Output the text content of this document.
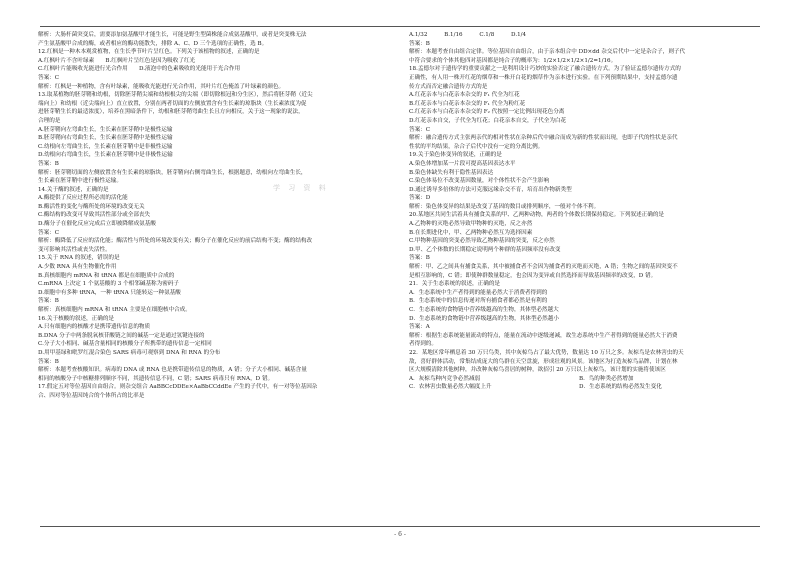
解析：大肠杆菌突变后，需要添加氨基酸甲才能生长，可能是野生型菌株能合成氨基酸甲，或者是突变株无法
产生氨基酸甲合成的酶，或者相应的酶功能散失，排除 A、C、D 三个选项的正确性，选 B。
12.红枫是一种木本观赏植物，在生长季节叶片呈红色。下列关于该植物的叙述，正确的是
A.红枫叶片不含叶绿素　　B.红枫叶片呈红色是因为吸收了红光
C.红枫叶片能吸收光能进行光合作用　　D.液泡中的色素吸收的光能用于光合作用
答案：C
解析：红枫是一种植物，含有叶绿素，能吸收光能进行光合作用，其叶片红色掩盖了叶绿素的颜色。
13.取某植物的胚芽鞘和幼根，切除胚芽鞘尖端和幼根根尖的尖端（即切除根冠和分生区），然后将胚芽鞘（近尖
端向上）和幼根（近尖端向上）直立放置，分别在两者切面的左侧放置含有生长素的琼脂块（生长素浓度为促
进胚芽鞘生长的最适浓度），培养在黑暗条件下，幼根和胚芽鞘弯曲生长且方向相反，关于这一现象的说法，
合理的是
A.胚芽鞘向左弯曲生长，生长素在胚芽鞘中是极性运输
B.胚芽鞘向右弯曲生长，生长素在胚芽鞘中是极性运输
C.幼根向左弯曲生长，生长素在胚芽鞘中是非极性运输
D.幼根向右弯曲生长，生长素在胚芽鞘中是非极性运输
答案：B
解析：胚芽鞘切面的左侧放置含有生长素的琼脂块，胚芽鞘向右侧弯曲生长，根据题意，幼根向左弯曲生长，
生长素在胚芽鞘中进行极性运输。
14.关于酶的叙述，正确的是
A.酶提供了反应过程所必需的活化能
B.酶活性的变化与酶所处的环境的改变无关
C.酶结构的改变可导致其活性部分或全部丧失
D.酶分子在催化反应完成后立即被降解成氨基酸
答案：C
解析：酶降低了反应的活化能；酶活性与所处的环境改变有关；酶分子在催化反应的前后结构不变；酶的结构改
变可影响其活性或丧失活性。
15.关于 RNA 的叙述，错误的是
A.少数 RNA 具有生物催化作用
B.真核细胞内 mRNA 和 tRNA 都是在细胞质中合成的
C.mRNA 上决定 1 个氨基酸的 3 个相邻碱基称为密码子
D.细胞中有多种 tRNA，一种 tRNA 只能转运一种氨基酸
答案：B
解析：真核细胞内 mRNA 和 tRNA 主要是在细胞核中合成。
16.关于核酸的叙述，正确的是
A.只有细胞内的核酸才是携带遗传信息的物质
B.DNA 分子中两条脱氧核苷酸链之间的碱基一定是通过氢键连接的
C.分子大小相同、碱基含量相同的核酸分子所携带的遗传信息一定相同
D.用甲基绿和吡罗红混合染色 SARS 病毒可观察到 DNA 和 RNA 的分布
答案：B
解析：本题考查核酸知识。病毒的 DNA 或 RNA 也是携带遗传信息的物质，A 错；分子大小相同、碱基含量
相同的核酸分子中核糖排列顺序不同，其遗传信息不同，C 错；SARS 病毒只有 RNA，D 错。
17.假定五对等位基因自由组合。则杂交组合 AaBBCcDDEe×AaBbCCddEe 产生的子代中，有一对等位基因杂
合、四对等位基因纯合的个体所占的比率是
A.1/32　　　B.1/16　　　C.1/8　　　D.1/4
答案：B
解析：本题考查自由组合定律。等位基因自由组合，由于亲本组合中 DD×dd 杂交后代中一定是杂合子，则子代
中符合要求的个体其他四对基因都是纯合子的概率为：1/2×1/2×1/2×1/2=1/16。
18.孟德尔对于遗传学的重要贡献之一是利用设计巧妙的实验否定了融合遗传方式。为了验证孟德尔遗传方式的
正确性，有人用一株开红花的烟草和一株开白花的烟草作为亲本进行实验。在下列预期结果中，支持孟德尔遗
传方式而否定融合遗传方式的是
A.红花亲本与白花亲本杂交的 F₁ 代全为红花
B.红花亲本与白花亲本杂交的 F₁ 代全为粉红花
C.红花亲本与白花亲本杂交的 F₂ 代按照一定比例出现花色分离
D.红花亲本自交，子代全为红花；白花亲本自交，子代全为白花
答案：C
解析：融合遗传方式主张两亲代的相对性状在杂种后代中融合而成为新的性状而出现，也即子代的性状是亲代
性状的平均结果，杂合子后代中没有一定的分离比例。
19.关于染色体变异的叙述，正确的是
A.染色体增加某一片段可提高基因表达水平
B.染色体缺失有利于隐性基因表达
C.染色体易位不改变基因数量，对个体性状不会产生影响
D.通过诱导多倍体的方法可克服远缘杂交不育，培育出作物新类型
答案：D
解析：染色体变异的结果是改变了基因的数目或排列顺序，一般对个体不利。
20.某地区共同生活着具有捕食关系的甲、乙两种动物，两者的个体数长期保持稳定。下列叙述正确的是
A.乙物种的灭绝必然导致甲物种的灭绝，反之亦然
B.在长期进化中，甲、乙两物种必然互为选择因素
C.甲物种基因的突变必然导致乙物种基因的突变，反之亦然
D.甲、乙个体数的长期稳定说明两个种群的基因频率没有改变
答案：B
解析：甲、乙之间具有捕食关系，其中被捕食者不会因为捕食者的灭绝而灭绝，A 错；生物之间的基因突变不
是相互影响的，C 错；即使种群数量稳定，也会因为变异或自然选择而导致基因频率的改变，D 错。
21．关于生态系统的叙述，正确的是
A．生态系统中生产者得到的能量必然大于消费者得到的
B．生态系统中的信息传递对所有捕食者都必然是有利的
C．生态系统的食物链中营养级越高的生物，其体型必然越大
D．生态系统的食物链中营养级越高的生物，其体型必然越小
答案：A
解析：根据生态系统能量流动的特点，能量在流动中逐级递减，故生态系统中生产者得到的能量必然大于消费
者得到的。
22．某地区常年栖息着 30 万只鸟类，其中灰椋鸟占了最大优势，数量达 10 万只之多。灰椋鸟是农林害虫的天
敌，喜好群体活动，常集结成庞大的鸟群在天空盘旋，形成壮观的风景。该地区为打造灰椋鸟品牌，计划在林
区大规模清除其他树种，并改种灰椋鸟喜居的树种，欲招引 20 万只以上灰椋鸟，该计划的实施将使该区
A．灰椋鸟种内竞争必然减弱	B．鸟的种类必然增加
C．农林害虫数量必然大幅度上升	D．生态系统的结构必然发生变化
学 习 资 料
- 6 -
